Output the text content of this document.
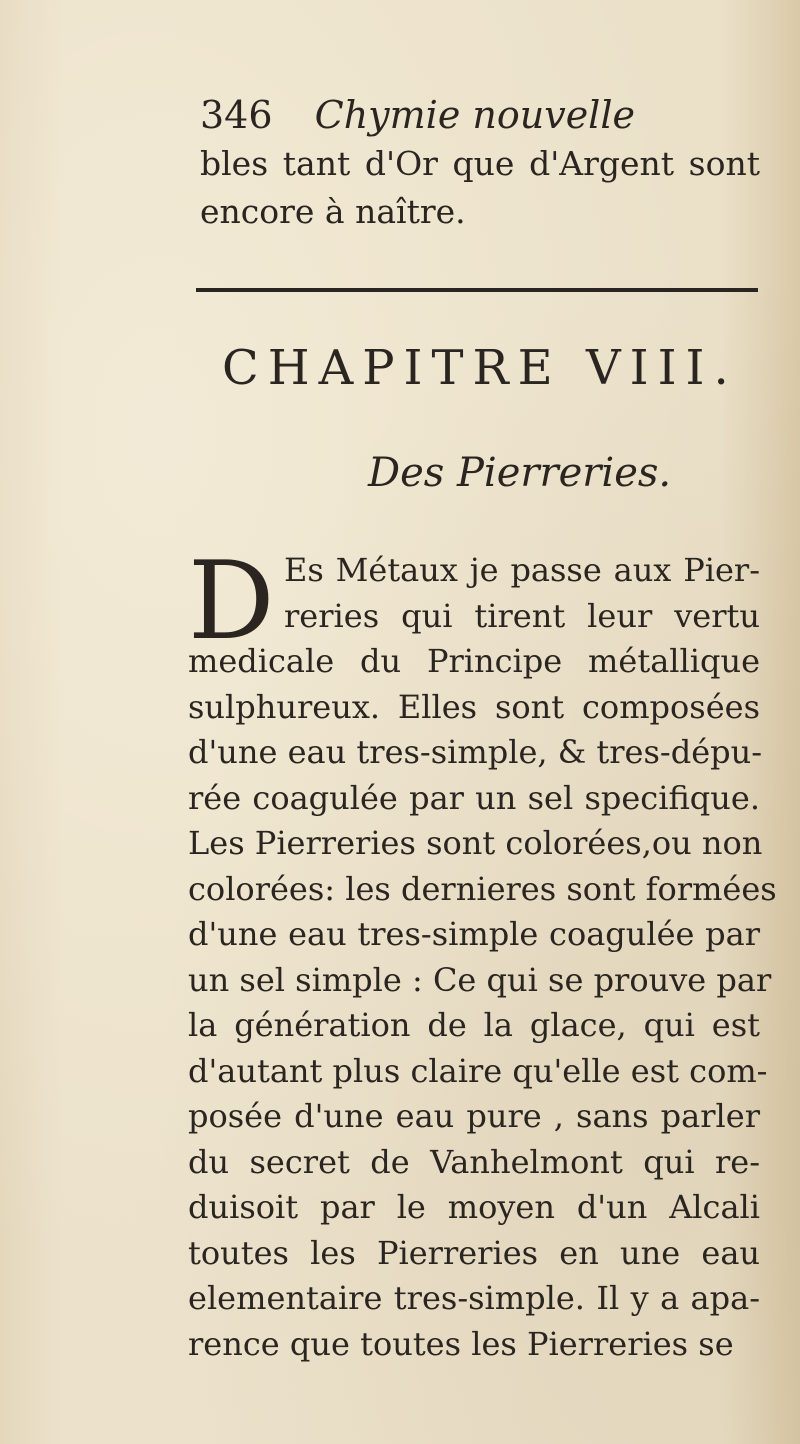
346 Chymie nouvelle
bles tant d'Or que d'Argent sont
encore à naître.
CHAPITRE VIII.
Des Pierreries.
D Es Métaux je passe aux Pier-
reries qui tirent leur vertu
medicale du Principe métallique
sulphureux. Elles sont composées
d'une eau tres-simple, & tres-dépu-
rée coagulée par un sel specifique.
Les Pierreries sont colorées,ou non
colorées: les dernieres sont formées
d'une eau tres-simple coagulée par
un sel simple : Ce qui se prouve par
la génération de la glace, qui est
d'autant plus claire qu'elle est com-
posée d'une eau pure , sans parler
du secret de Vanhelmont qui re-
duisoit par le moyen d'un Alcali
toutes les Pierreries en une eau
elementaire tres-simple. Il y a apa-
rence que toutes les Pierreries se
